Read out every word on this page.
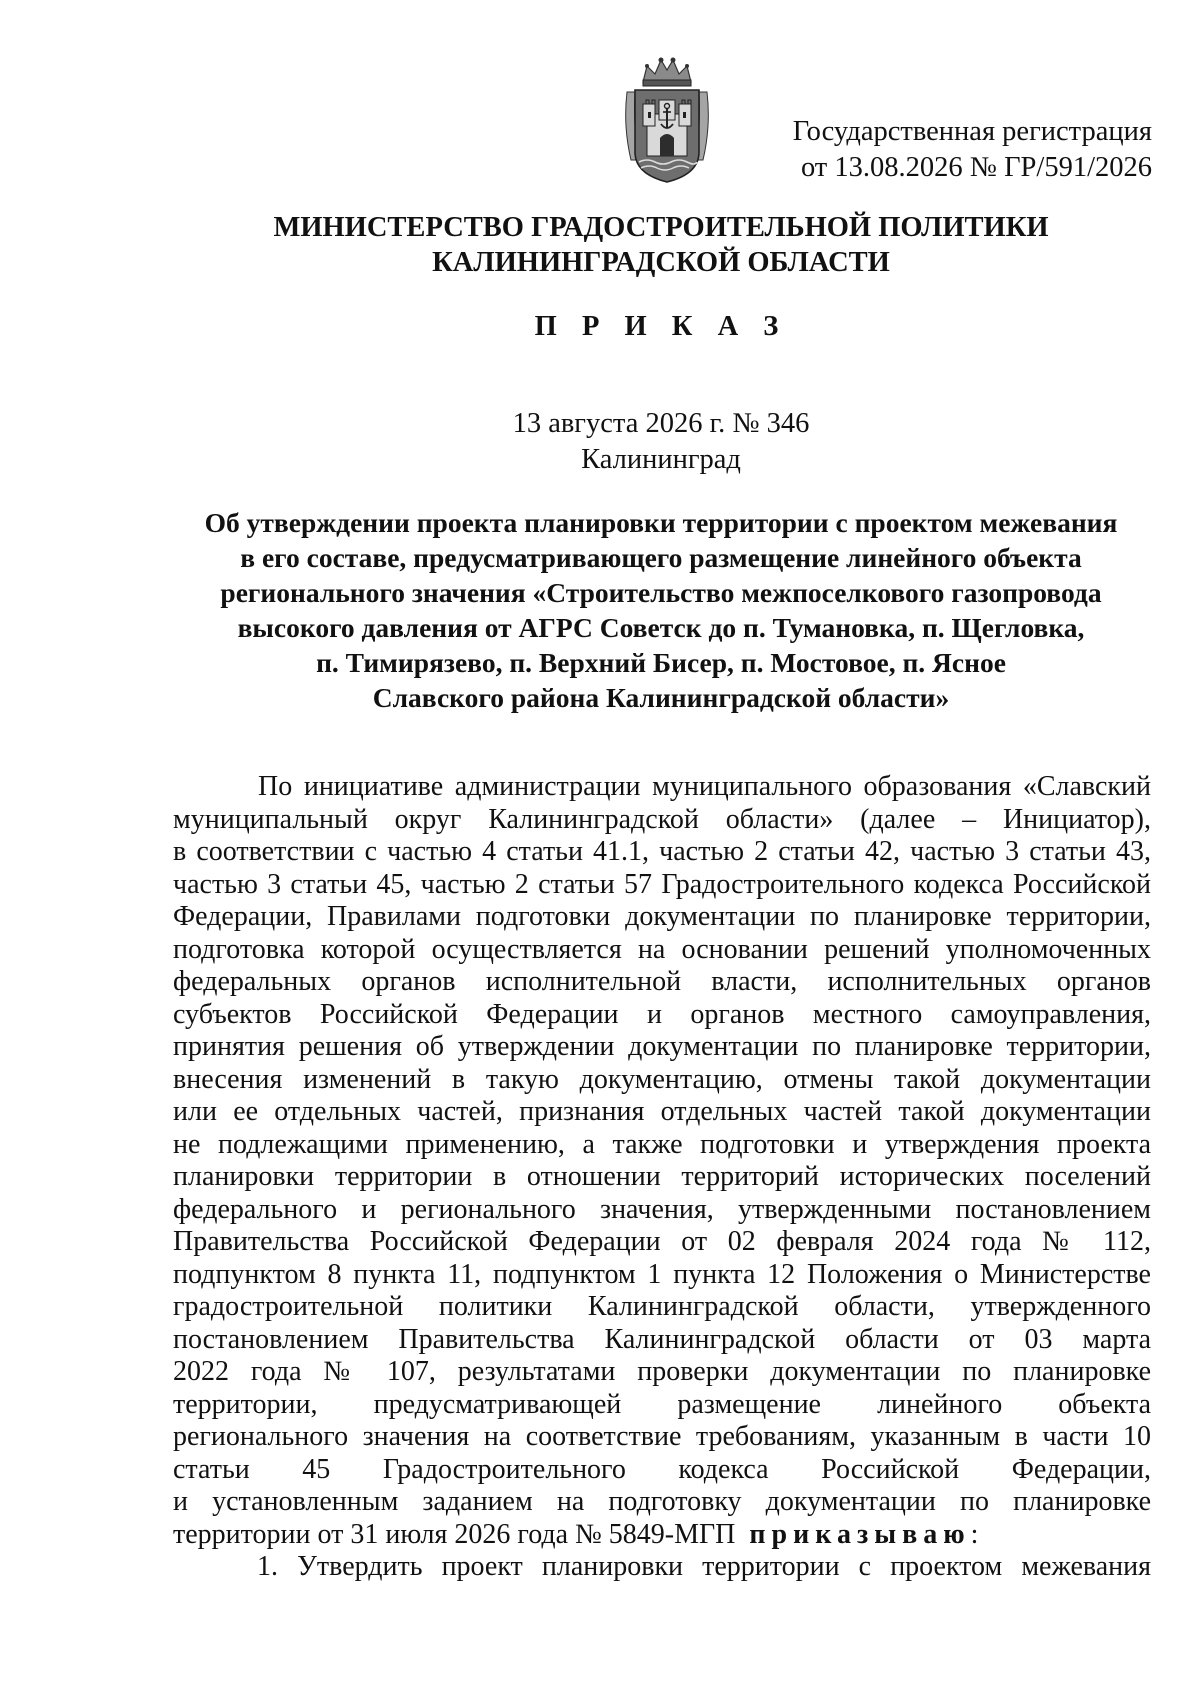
Государственная регистрация
от 13.08.2026 № ГР/591/2026
МИНИСТЕРСТВО ГРАДОСТРОИТЕЛЬНОЙ ПОЛИТИКИ
КАЛИНИНГРАДСКОЙ ОБЛАСТИ
П Р И К А З
13 августа 2026 г. № 346
Калининград
Об утверждении проекта планировки территории с проектом межевания
в его составе, предусматривающего размещение линейного объекта
регионального значения «Строительство межпоселкового газопровода
высокого давления от АГРС Советск до п. Тумановка, п. Щегловка,
п. Тимирязево, п. Верхний Бисер, п. Мостовое, п. Ясное
Славского района Калининградской области»
По инициативе администрации муниципального образования «Славский
муниципальный округ Калининградской области» (далее – Инициатор),
в соответствии с частью 4 статьи 41.1, частью 2 статьи 42, частью 3 статьи 43,
частью 3 статьи 45, частью 2 статьи 57 Градостроительного кодекса Российской
Федерации, Правилами подготовки документации по планировке территории,
подготовка которой осуществляется на основании решений уполномоченных
федеральных органов исполнительной власти, исполнительных органов
субъектов Российской Федерации и органов местного самоуправления,
принятия решения об утверждении документации по планировке территории,
внесения изменений в такую документацию, отмены такой документации
или ее отдельных частей, признания отдельных частей такой документации
не подлежащими применению, а также подготовки и утверждения проекта
планировки территории в отношении территорий исторических поселений
федерального и регионального значения, утвержденными постановлением
Правительства Российской Федерации от 02 февраля 2024 года № 112,
подпунктом 8 пункта 11, подпунктом 1 пункта 12 Положения о Министерстве
градостроительной политики Калининградской области, утвержденного
постановлением Правительства Калининградской области от 03 марта
2022 года № 107, результатами проверки документации по планировке
территории, предусматривающей размещение линейного объекта
регионального значения на соответствие требованиям, указанным в части 10
статьи 45 Градостроительного кодекса Российской Федерации,
и установленным заданием на подготовку документации по планировке
территории от 31 июля 2026 года № 5849-МГП приказываю:
1. Утвердить проект планировки территории с проектом межевания
